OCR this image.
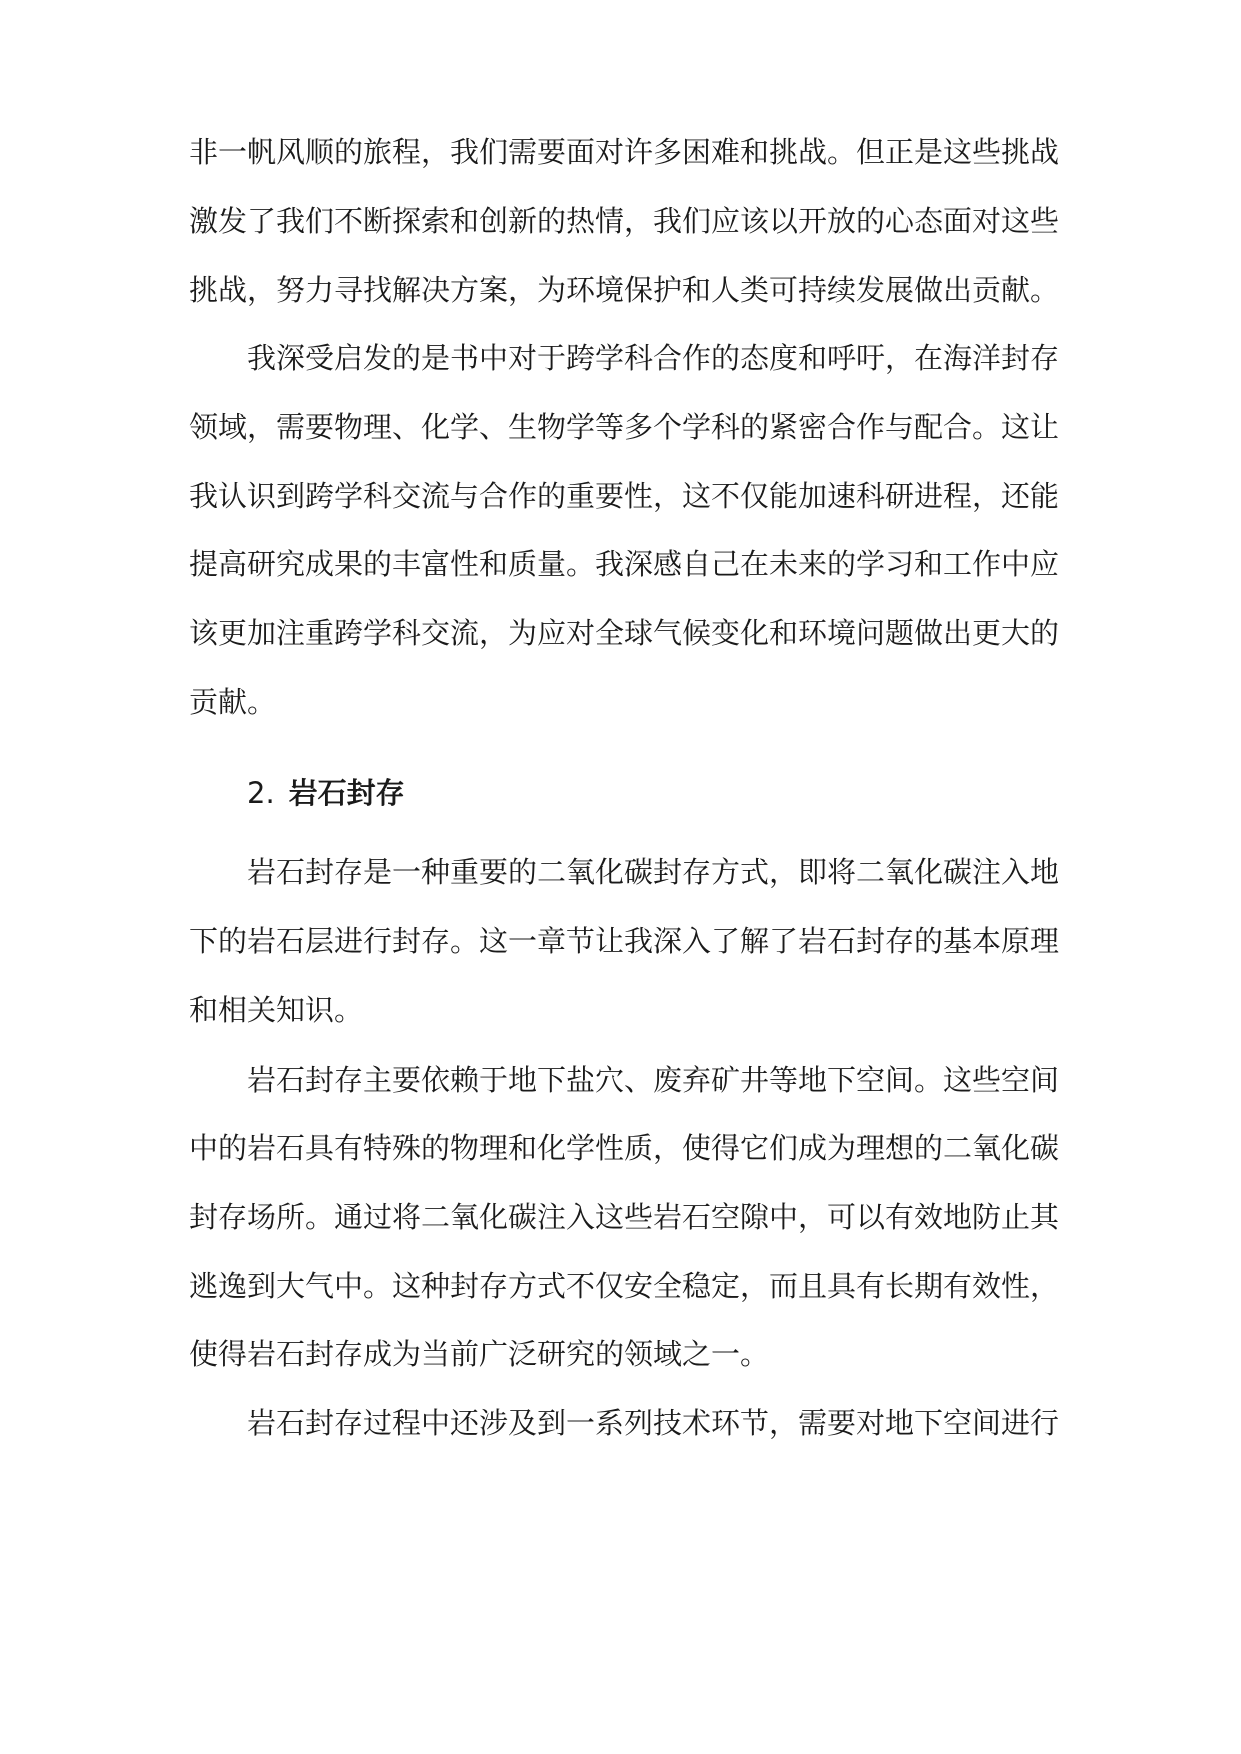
非一帆风顺的旅程，我们需要面对许多困难和挑战。但正是这些挑战
激发了我们不断探索和创新的热情，我们应该以开放的心态面对这些
挑战，努力寻找解决方案，为环境保护和人类可持续发展做出贡献。
我深受启发的是书中对于跨学科合作的态度和呼吁，在海洋封存
领域，需要物理、化学、生物学等多个学科的紧密合作与配合。这让
我认识到跨学科交流与合作的重要性，这不仅能加速科研进程，还能
提高研究成果的丰富性和质量。我深感自己在未来的学习和工作中应
该更加注重跨学科交流，为应对全球气候变化和环境问题做出更大的
贡献。
2. 岩石封存
岩石封存是一种重要的二氧化碳封存方式，即将二氧化碳注入地
下的岩石层进行封存。这一章节让我深入了解了岩石封存的基本原理
和相关知识。
岩石封存主要依赖于地下盐穴、废弃矿井等地下空间。这些空间
中的岩石具有特殊的物理和化学性质，使得它们成为理想的二氧化碳
封存场所。通过将二氧化碳注入这些岩石空隙中，可以有效地防止其
逃逸到大气中。这种封存方式不仅安全稳定，而且具有长期有效性，
使得岩石封存成为当前广泛研究的领域之一。
岩石封存过程中还涉及到一系列技术环节，需要对地下空间进行
